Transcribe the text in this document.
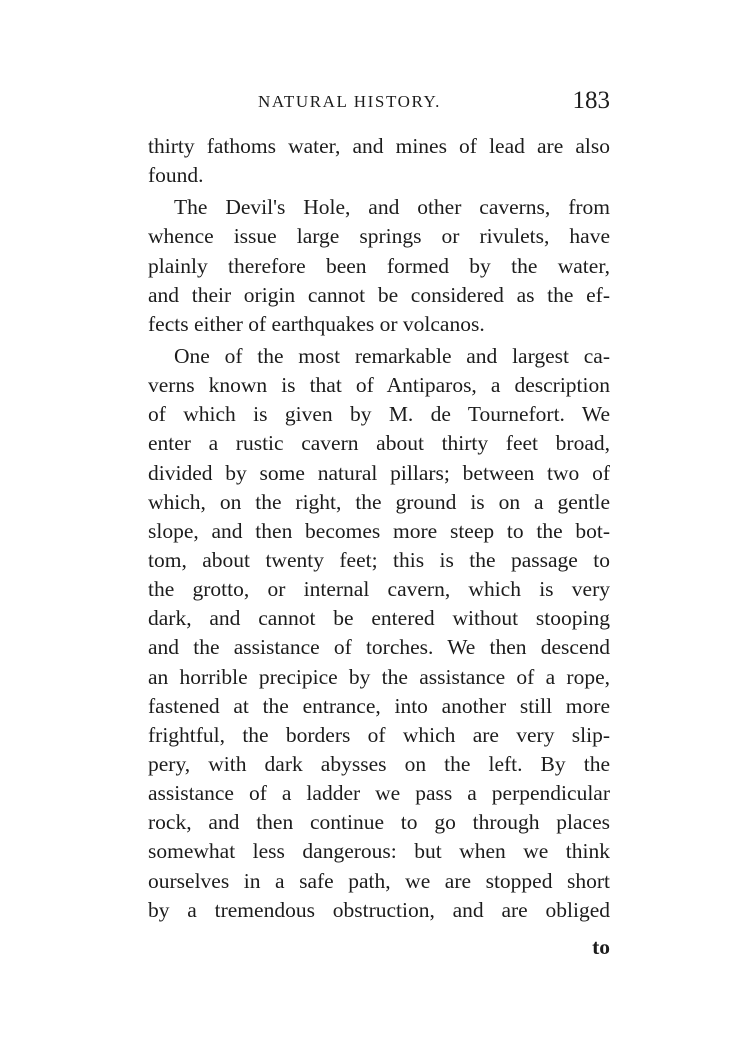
NATURAL HISTORY.	183
thirty fathoms water, and mines of lead are also
found.
The Devil's Hole, and other caverns, from
whence issue large springs or rivulets, have
plainly therefore been formed by the water,
and their origin cannot be considered as the ef-
fects either of earthquakes or volcanos.
One of the most remarkable and largest ca-
verns known is that of Antiparos, a description
of which is given by M. de Tournefort. We
enter a rustic cavern about thirty feet broad,
divided by some natural pillars; between two of
which, on the right, the ground is on a gentle
slope, and then becomes more steep to the bot-
tom, about twenty feet; this is the passage to
the grotto, or internal cavern, which is very
dark, and cannot be entered without stooping
and the assistance of torches. We then descend
an horrible precipice by the assistance of a rope,
fastened at the entrance, into another still more
frightful, the borders of which are very slip-
pery, with dark abysses on the left. By the
assistance of a ladder we pass a perpendicular
rock, and then continue to go through places
somewhat less dangerous: but when we think
ourselves in a safe path, we are stopped short
by a tremendous obstruction, and are obliged
to
